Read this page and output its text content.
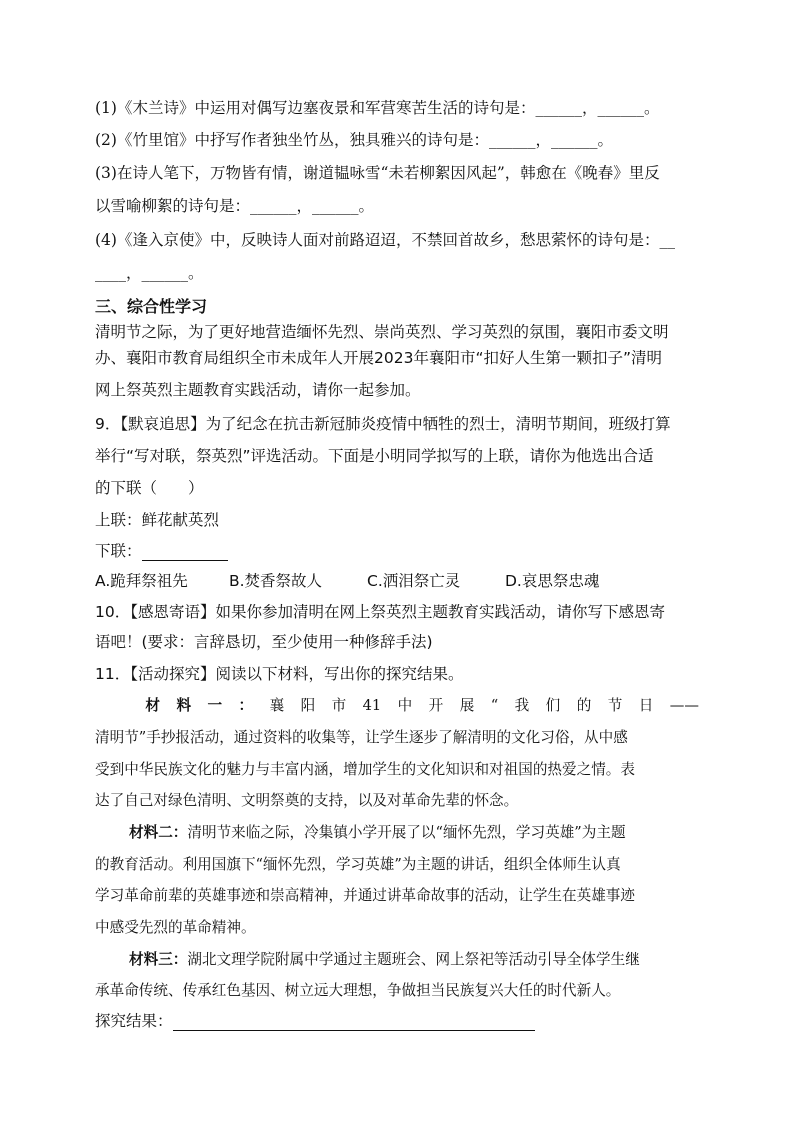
(1)《木兰诗》中运用对偶写边塞夜景和军营寒苦生活的诗句是：______，______。
(2)《竹里馆》中抒写作者独坐竹丛，独具雅兴的诗句是：______，______。
(3)在诗人笔下，万物皆有情，谢道韫咏雪“未若柳絮因风起”，韩愈在《晚春》里反
以雪喻柳絮的诗句是：______，______。
(4)《逢入京使》中，反映诗人面对前路迢迢，不禁回首故乡，愁思萦怀的诗句是：__
____，______。
三、综合性学习
清明节之际，为了更好地营造缅怀先烈、崇尚英烈、学习英烈的氛围，襄阳市委文明
办、襄阳市教育局组织全市未成年人开展2023年襄阳市“扣好人生第一颗扣子”清明
网上祭英烈主题教育实践活动，请你一起参加。
9．【默哀追思】为了纪念在抗击新冠肺炎疫情中牺牲的烈士，清明节期间，班级打算
举行“写对联，祭英烈”评选活动。下面是小明同学拟写的上联，请你为他选出合适
的下联（　　）
上联：鲜花献英烈
下联：
A.跪拜祭祖先	B.焚香祭故人	C.洒泪祭亡灵	D.哀思祭忠魂
10．【感恩寄语】如果你参加清明在网上祭英烈主题教育实践活动，请你写下感恩寄
语吧！(要求：言辞恳切，至少使用一种修辞手法)
11．【活动探究】阅读以下材料，写出你的探究结果。
材料一：襄阳市41中开展“我们的节日——
清明节”手抄报活动，通过资料的收集等，让学生逐步了解清明的文化习俗，从中感
受到中华民族文化的魅力与丰富内涵，增加学生的文化知识和对祖国的热爱之情。表
达了自己对绿色清明、文明祭奠的支持，以及对革命先辈的怀念。
材料二：清明节来临之际，冷集镇小学开展了以“缅怀先烈，学习英雄”为主题
的教育活动。利用国旗下“缅怀先烈，学习英雄”为主题的讲话，组织全体师生认真
学习革命前辈的英雄事迹和崇高精神，并通过讲革命故事的活动，让学生在英雄事迹
中感受先烈的革命精神。
材料三：湖北文理学院附属中学通过主题班会、网上祭祀等活动引导全体学生继
承革命传统、传承红色基因、树立远大理想，争做担当民族复兴大任的时代新人。
探究结果：
